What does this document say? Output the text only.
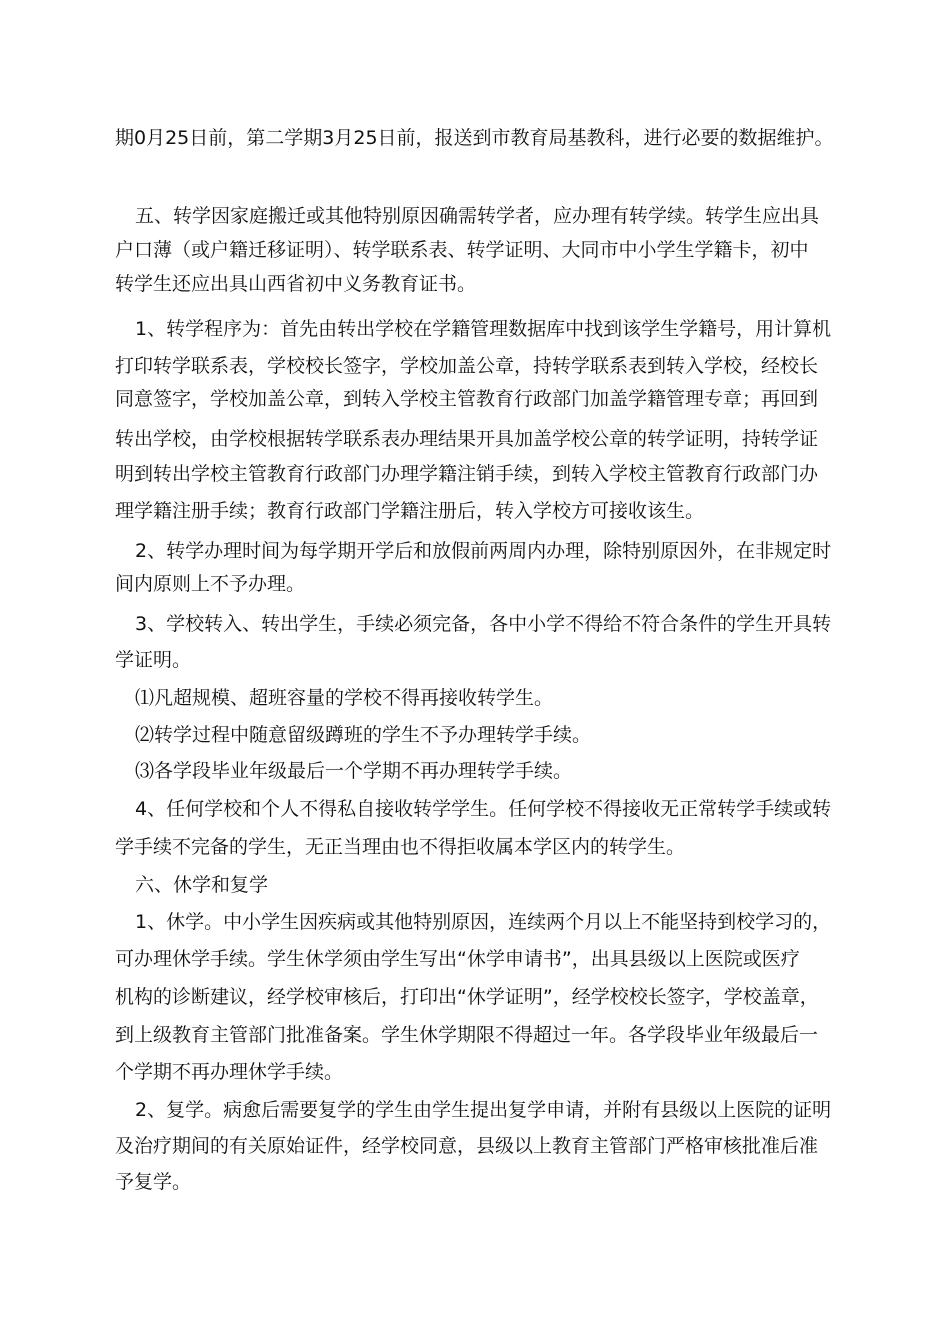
期0月25日前，第二学期3月25日前，报送到市教育局基教科，进行必要的数据维护。
五、转学因家庭搬迁或其他特别原因确需转学者，应办理有转学续。转学生应出具
户口薄（或户籍迁移证明）、转学联系表、转学证明、大同市中小学生学籍卡，初中
转学生还应出具山西省初中义务教育证书。
1、转学程序为：首先由转出学校在学籍管理数据库中找到该学生学籍号，用计算机
打印转学联系表，学校校长签字，学校加盖公章，持转学联系表到转入学校，经校长
同意签字，学校加盖公章，到转入学校主管教育行政部门加盖学籍管理专章；再回到
转出学校，由学校根据转学联系表办理结果开具加盖学校公章的转学证明，持转学证
明到转出学校主管教育行政部门办理学籍注销手续，到转入学校主管教育行政部门办
理学籍注册手续；教育行政部门学籍注册后，转入学校方可接收该生。
2、转学办理时间为每学期开学后和放假前两周内办理，除特别原因外，在非规定时
间内原则上不予办理。
3、学校转入、转出学生，手续必须完备，各中小学不得给不符合条件的学生开具转
学证明。
⑴凡超规模、超班容量的学校不得再接收转学生。
⑵转学过程中随意留级蹲班的学生不予办理转学手续。
⑶各学段毕业年级最后一个学期不再办理转学手续。
4、任何学校和个人不得私自接收转学学生。任何学校不得接收无正常转学手续或转
学手续不完备的学生，无正当理由也不得拒收属本学区内的转学生。
六、休学和复学
1、休学。中小学生因疾病或其他特别原因，连续两个月以上不能坚持到校学习的，
可办理休学手续。学生休学须由学生写出“休学申请书”，出具县级以上医院或医疗
机构的诊断建议，经学校审核后，打印出“休学证明”，经学校校长签字，学校盖章，
到上级教育主管部门批准备案。学生休学期限不得超过一年。各学段毕业年级最后一
个学期不再办理休学手续。
2、复学。病愈后需要复学的学生由学生提出复学申请，并附有县级以上医院的证明
及治疗期间的有关原始证件，经学校同意，县级以上教育主管部门严格审核批准后准
予复学。
